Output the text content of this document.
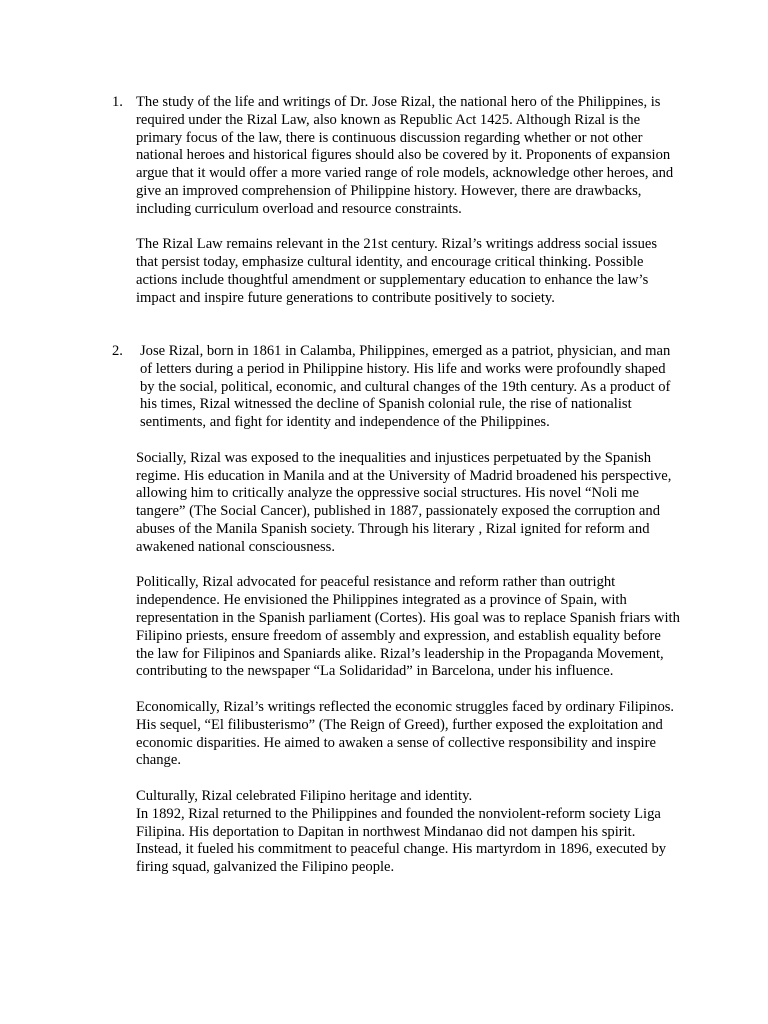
1. The study of the life and writings of Dr. Jose Rizal, the national hero of the Philippines, is required under the Rizal Law, also known as Republic Act 1425. Although Rizal is the primary focus of the law, there is continuous discussion regarding whether or not other national heroes and historical figures should also be covered by it. Proponents of expansion argue that it would offer a more varied range of role models, acknowledge other heroes, and give an improved comprehension of Philippine history. However, there are drawbacks, including curriculum overload and resource constraints.

The Rizal Law remains relevant in the 21st century. Rizal’s writings address social issues that persist today, emphasize cultural identity, and encourage critical thinking. Possible actions include thoughtful amendment or supplementary education to enhance the law’s impact and inspire future generations to contribute positively to society.

2.	Jose Rizal, born in 1861 in Calamba, Philippines, emerged as a patriot, physician, and man of letters during a period in Philippine history. His life and works were profoundly shaped by the social, political, economic, and cultural changes of the 19th century. As a product of his times, Rizal witnessed the decline of Spanish colonial rule, the rise of nationalist sentiments, and fight for identity and independence of the Philippines.

Socially, Rizal was exposed to the inequalities and injustices perpetuated by the Spanish regime. His education in Manila and at the University of Madrid broadened his perspective, allowing him to critically analyze the oppressive social structures. His novel “Noli me tangere” (The Social Cancer), published in 1887, passionately exposed the corruption and abuses of the Manila Spanish society. Through his literary , Rizal ignited for reform and awakened national consciousness.

Politically, Rizal advocated for peaceful resistance and reform rather than outright independence. He envisioned the Philippines integrated as a province of Spain, with representation in the Spanish parliament (Cortes). His goal was to replace Spanish friars with Filipino priests, ensure freedom of assembly and expression, and establish equality before the law for Filipinos and Spaniards alike. Rizal’s leadership in the Propaganda Movement, contributing to the newspaper “La Solidaridad” in Barcelona, under his influence.

Economically, Rizal’s writings reflected the economic struggles faced by ordinary Filipinos. His sequel, “El filibusterismo” (The Reign of Greed), further exposed the exploitation and economic disparities. He aimed to awaken a sense of collective responsibility and inspire change.

Culturally, Rizal celebrated Filipino heritage and identity.

In 1892, Rizal returned to the Philippines and founded the nonviolent-reform society Liga Filipina. His deportation to Dapitan in northwest Mindanao did not dampen his spirit. Instead, it fueled his commitment to peaceful change. His martyrdom in 1896, executed by firing squad, galvanized the Filipino people.
